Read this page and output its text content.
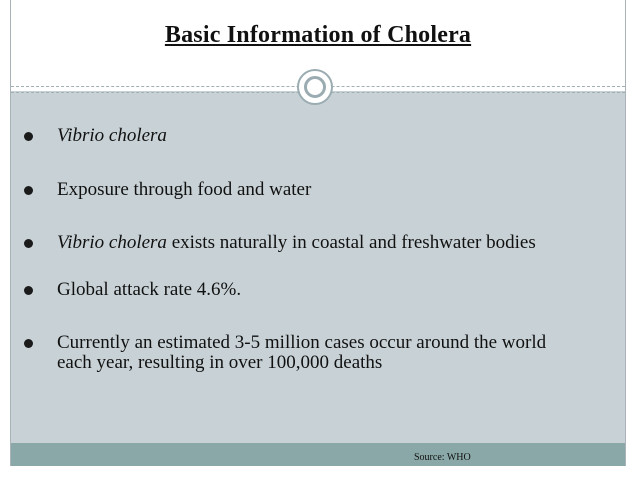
Basic Information of Cholera
Vibrio cholera
Exposure through food and water
Vibrio cholera exists naturally in coastal and freshwater bodies
Global attack rate 4.6%.
Currently an estimated 3-5 million cases occur around the world each year, resulting in over 100,000 deaths
Source: WHO
